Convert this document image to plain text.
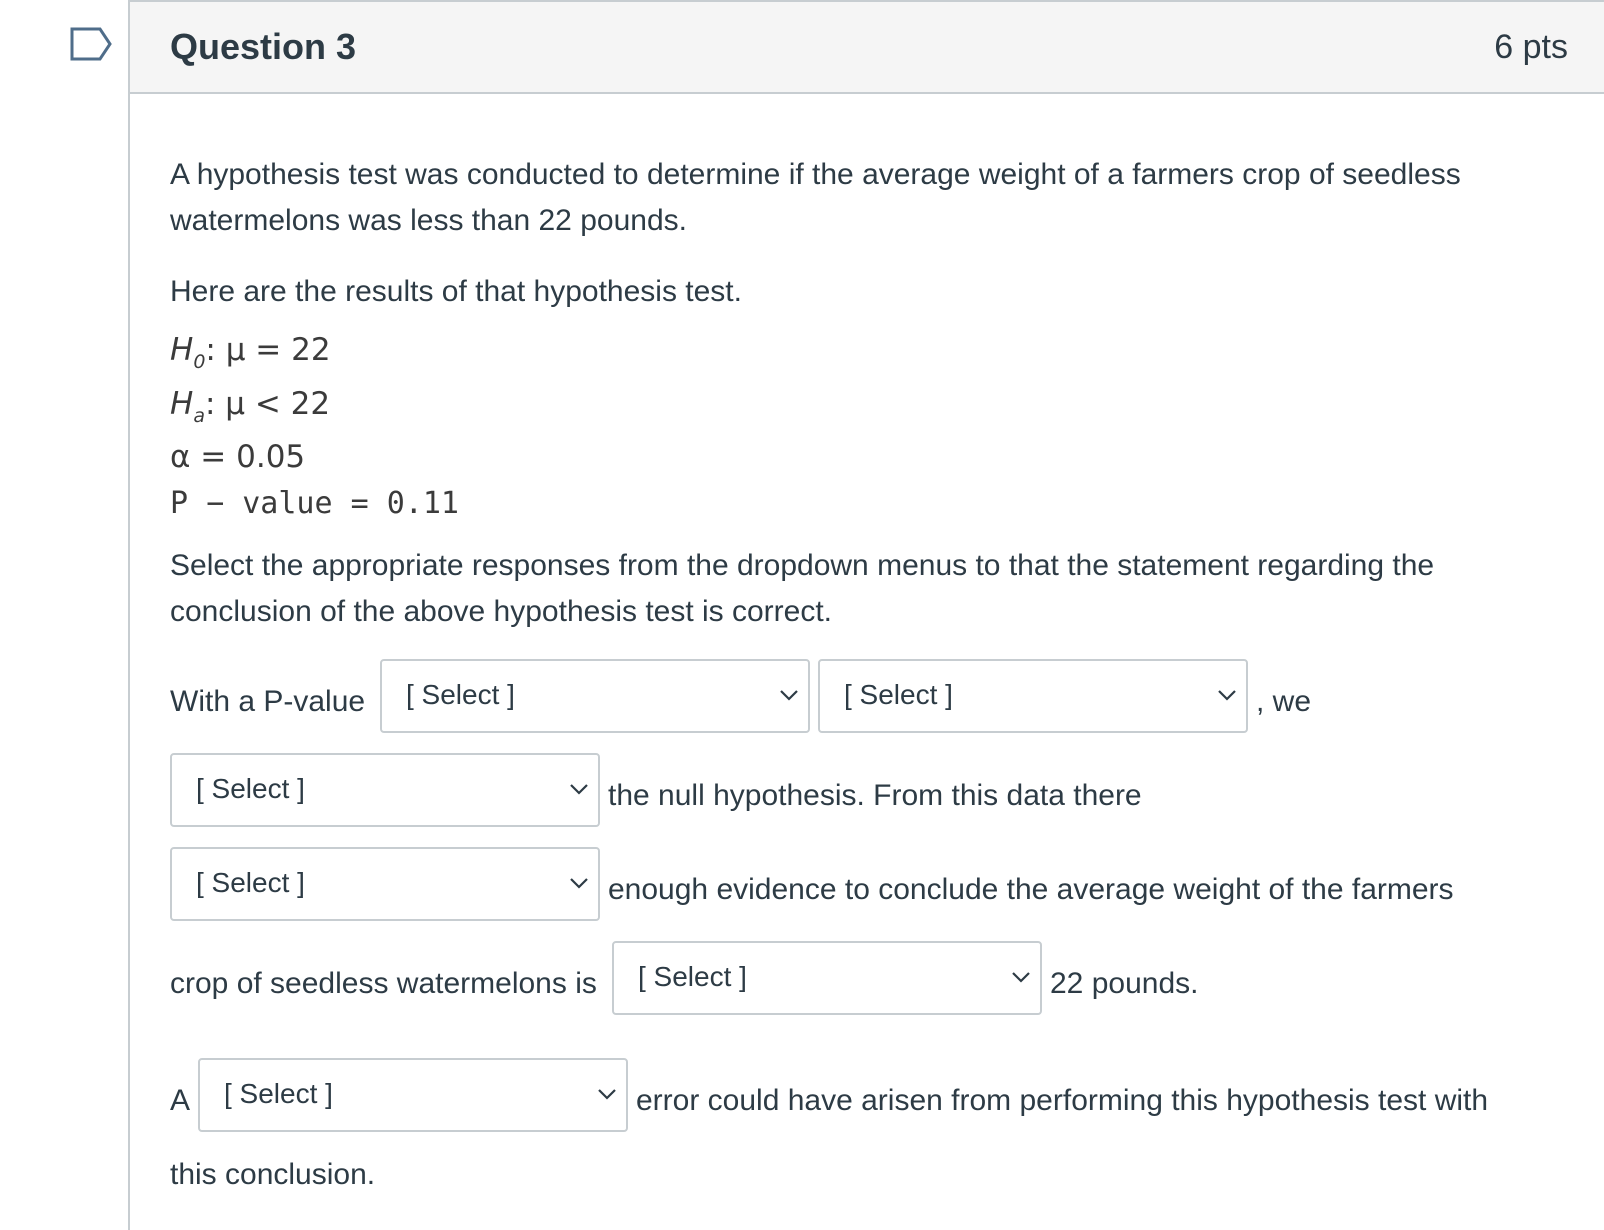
Question 3	6 pts
A hypothesis test was conducted to determine if the average weight of a farmers crop of seedless
watermelons was less than 22 pounds.
Here are the results of that hypothesis test.
$H_0$: μ = 22
$H_a$: μ < 22
α = 0.05
P − value = 0.11
Select the appropriate responses from the dropdown menus to that the statement regarding the
conclusion of the above hypothesis test is correct.
With a P-value [ Select ]	[ Select ]	, we
[ Select ]	the null hypothesis. From this data there
[ Select ]	enough evidence to conclude the average weight of the farmers
crop of seedless watermelons is [ Select ]	22 pounds.
A [ Select ]	error could have arisen from performing this hypothesis test with
this conclusion.
